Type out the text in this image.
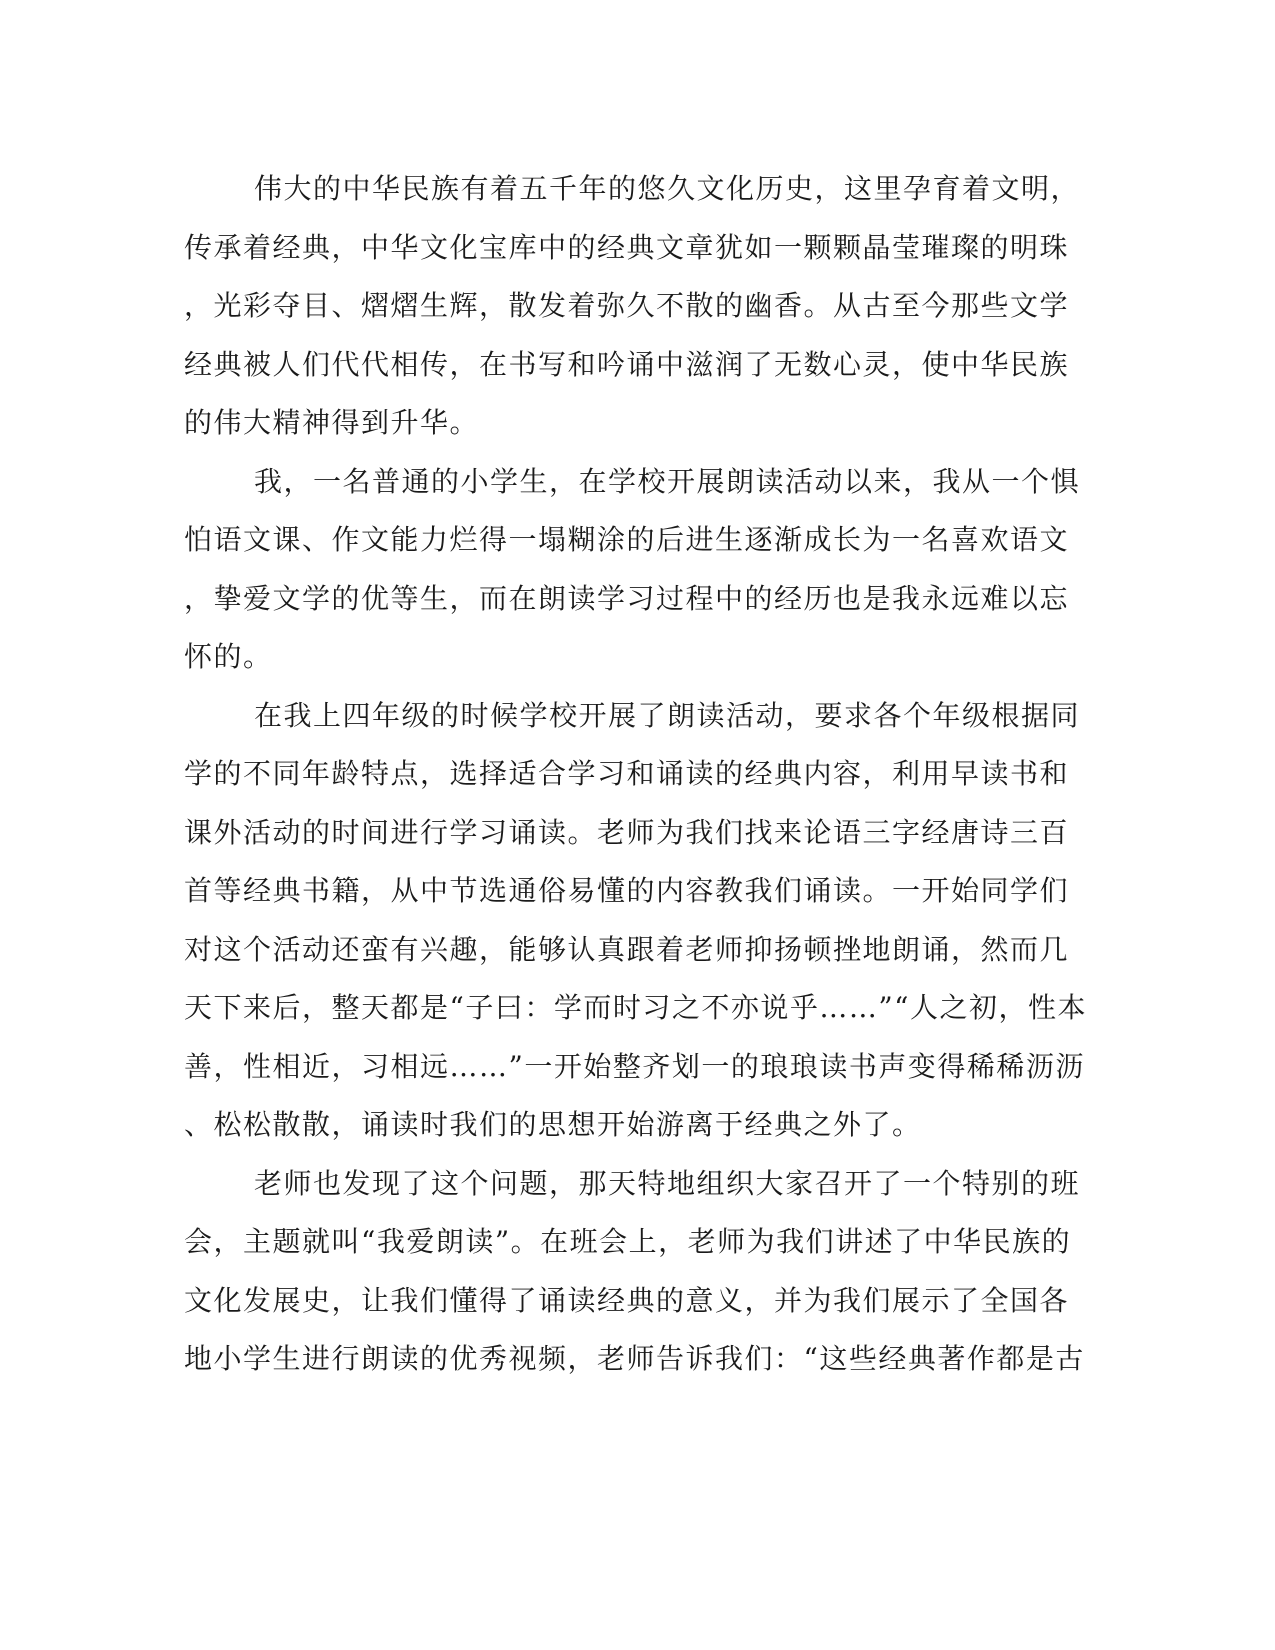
伟大的中华民族有着五千年的悠久文化历史，这里孕育着文明，
传承着经典，中华文化宝库中的经典文章犹如一颗颗晶莹璀璨的明珠
，光彩夺目、熠熠生辉，散发着弥久不散的幽香。从古至今那些文学
经典被人们代代相传，在书写和吟诵中滋润了无数心灵，使中华民族
的伟大精神得到升华。
我，一名普通的小学生，在学校开展朗读活动以来，我从一个惧
怕语文课、作文能力烂得一塌糊涂的后进生逐渐成长为一名喜欢语文
，挚爱文学的优等生，而在朗读学习过程中的经历也是我永远难以忘
怀的。
在我上四年级的时候学校开展了朗读活动，要求各个年级根据同
学的不同年龄特点，选择适合学习和诵读的经典内容，利用早读书和
课外活动的时间进行学习诵读。老师为我们找来论语三字经唐诗三百
首等经典书籍，从中节选通俗易懂的内容教我们诵读。一开始同学们
对这个活动还蛮有兴趣，能够认真跟着老师抑扬顿挫地朗诵，然而几
天下来后，整天都是“子曰：学而时习之不亦说乎……”“人之初，性本
善，性相近，习相远……”一开始整齐划一的琅琅读书声变得稀稀沥沥
、松松散散，诵读时我们的思想开始游离于经典之外了。
老师也发现了这个问题，那天特地组织大家召开了一个特别的班
会，主题就叫“我爱朗读”。在班会上，老师为我们讲述了中华民族的
文化发展史，让我们懂得了诵读经典的意义，并为我们展示了全国各
地小学生进行朗读的优秀视频，老师告诉我们：“这些经典著作都是古
